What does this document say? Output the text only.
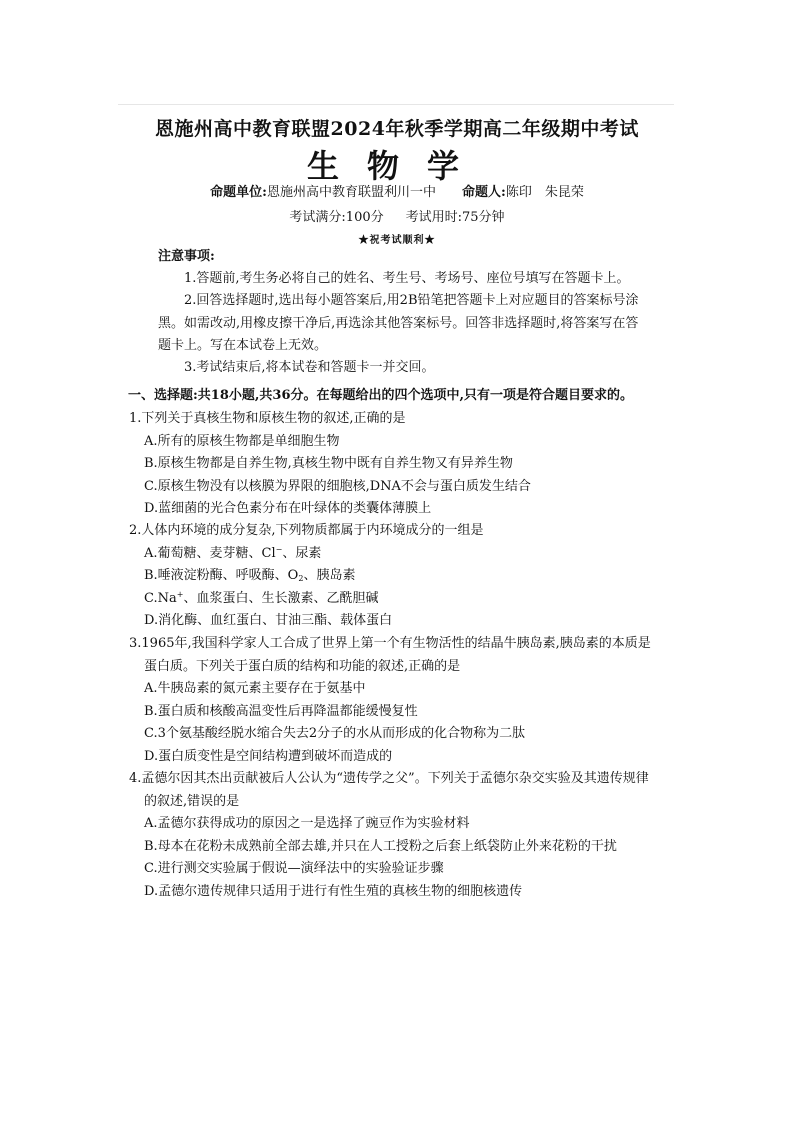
恩施州高中教育联盟2024年秋季学期高二年级期中考试
生物学
命题单位:恩施州高中教育联盟利川一中 命题人:陈印　朱昆荣
考试满分:100分 考试用时:75分钟
★祝考试顺利★
注意事项:
1.答题前,考生务必将自己的姓名、考生号、考场号、座位号填写在答题卡上。
2.回答选择题时,选出每小题答案后,用2B铅笔把答题卡上对应题目的答案标号涂黑。如需改动,用橡皮擦干净后,再选涂其他答案标号。回答非选择题时,将答案写在答题卡上。写在本试卷上无效。
3.考试结束后,将本试卷和答题卡一并交回。
一、选择题:共18小题,共36分。在每题给出的四个选项中,只有一项是符合题目要求的。
1.下列关于真核生物和原核生物的叙述,正确的是
A.所有的原核生物都是单细胞生物
B.原核生物都是自养生物,真核生物中既有自养生物又有异养生物
C.原核生物没有以核膜为界限的细胞核,DNA不会与蛋白质发生结合
D.蓝细菌的光合色素分布在叶绿体的类囊体薄膜上
2.人体内环境的成分复杂,下列物质都属于内环境成分的一组是
A.葡萄糖、麦芽糖、Cl−、尿素
B.唾液淀粉酶、呼吸酶、$O_2$、胰岛素
C.Na+、血浆蛋白、生长激素、乙酰胆碱
D.消化酶、血红蛋白、甘油三酯、载体蛋白
3.1965年,我国科学家人工合成了世界上第一个有生物活性的结晶牛胰岛素,胰岛素的本质是
蛋白质。下列关于蛋白质的结构和功能的叙述,正确的是
A.牛胰岛素的氮元素主要存在于氨基中
B.蛋白质和核酸高温变性后再降温都能缓慢复性
C.3个氨基酸经脱水缩合失去2分子的水从而形成的化合物称为二肽
D.蛋白质变性是空间结构遭到破坏而造成的
4.孟德尔因其杰出贡献被后人公认为“遗传学之父”。下列关于孟德尔杂交实验及其遗传规律
的叙述,错误的是
A.孟德尔获得成功的原因之一是选择了豌豆作为实验材料
B.母本在花粉未成熟前全部去雄,并只在人工授粉之后套上纸袋防止外来花粉的干扰
C.进行测交实验属于假说—演绎法中的实验验证步骤
D.孟德尔遗传规律只适用于进行有性生殖的真核生物的细胞核遗传
